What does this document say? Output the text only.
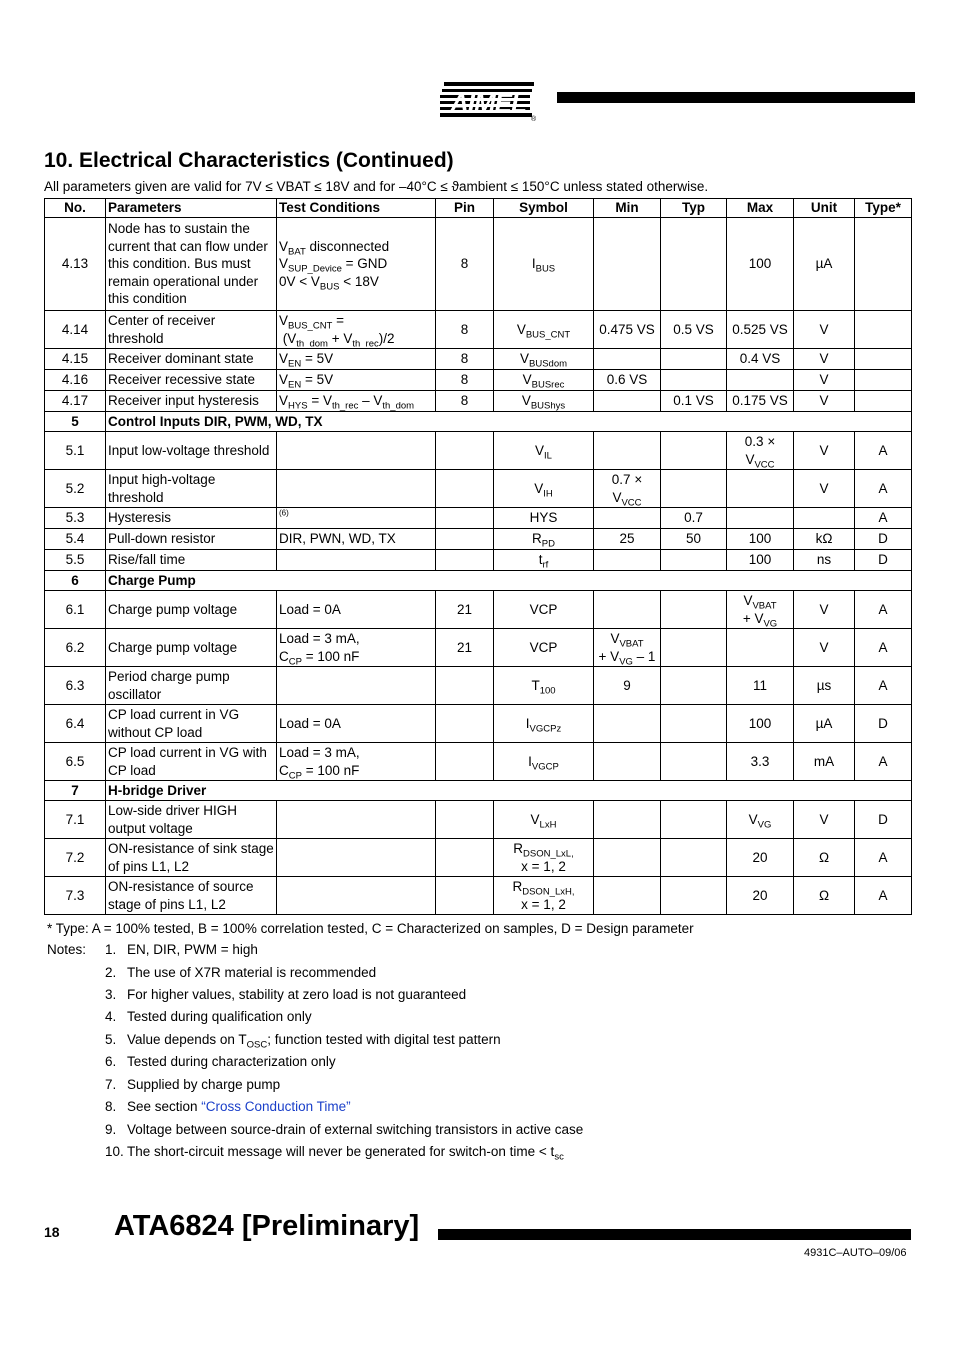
AIMEL
®
10. Electrical Characteristics (Continued)
All parameters given are valid for 7V ≤ VBAT ≤ 18V and for –40°C ≤ ϑambient ≤ 150°C unless stated otherwise.
No.	Parameters	Test Conditions	Pin	Symbol	Min	Typ	Max	Unit	Type*
4.13	Node has to sustain the current that can flow under this condition. Bus must remain operational under this condition	$V_{BAT}$ disconnected
$V_{SUP\_Device}$ = GND
$0V < V_{BUS} < 18V$	8	$I_{BUS}$			100	µA	
4.14	Center of receiver threshold	$V_{BUS\_CNT}$ =
$(V_{th\_dom} + V_{th\_rec})/2$	8	$V_{BUS\_CNT}$	0.475 VS	0.5 VS	0.525 VS	V	
4.15	Receiver dominant state	$V_{EN} = 5V$	8	$V_{BUSdom}$			0.4 VS	V	
4.16	Receiver recessive state	$V_{EN} = 5V$	8	$V_{BUSrec}$	0.6 VS			V	
4.17	Receiver input hysteresis	$V_{HYS} = V_{th\_rec} - V_{th\_dom}$	8	$V_{BUShys}$		0.1 VS	0.175 VS	V	
5	Control Inputs DIR, PWM, WD, TX								
5.1	Input low-voltage threshold			$V_{IL}$			0.3 ×
$V_{VCC}$	V	A
5.2	Input high-voltage threshold			$V_{IH}$	0.7 ×
$V_{VCC}$			V	A
5.3	Hysteresis	$^{(6)}$		HYS		0.7			A
5.4	Pull-down resistor	DIR, PWN, WD, TX		$R_{PD}$	25	50	100	kΩ	D
5.5	Rise/fall time			$t_{rf}$			100	ns	D
6	Charge Pump								
6.1	Charge pump voltage	Load = 0A	21	VCP			$V_{VBAT}$
+ $V_{VG}$	V	A
6.2	Charge pump voltage	Load = 3 mA,
$C_{CP} = 100$ nF	21	VCP	$V_{VBAT}$
+ $V_{VG} - 1$			V	A
6.3	Period charge pump oscillator			$T_{100}$	9		11	µs	A
6.4	CP load current in VG without CP load	Load = 0A		$I_{VGCPz}$			100	µA	D
6.5	CP load current in VG with CP load	Load = 3 mA,
$C_{CP} = 100$ nF		$I_{VGCP}$			3.3	mA	A
7	H-bridge Driver								
7.1	Low-side driver HIGH output voltage			$V_{LxH}$			$V_{VG}$	V	D
7.2	ON-resistance of sink stage of pins L1, L2			$R_{DSON\_LxL,}$
x = 1, 2			20	Ω	A
7.3	ON-resistance of source stage of pins L1, L2			$R_{DSON\_LxH,}$
x = 1, 2			20	Ω	A
* Type: A = 100% tested, B = 100% correlation tested, C = Characterized on samples, D = Design parameter
Notes: 1. EN, DIR, PWM = high
2. The use of X7R material is recommended
3. For higher values, stability at zero load is not guaranteed
4. Tested during qualification only
5. Value depends on $T_{OSC}$; function tested with digital test pattern
6. Tested during characterization only
7. Supplied by charge pump
8. See section “Cross Conduction Time”
9. Voltage between source-drain of external switching transistors in active case
10. The short-circuit message will never be generated for switch-on time < $t_{sc}$
18 ATA6824 [Preliminary]
4931C–AUTO–09/06
